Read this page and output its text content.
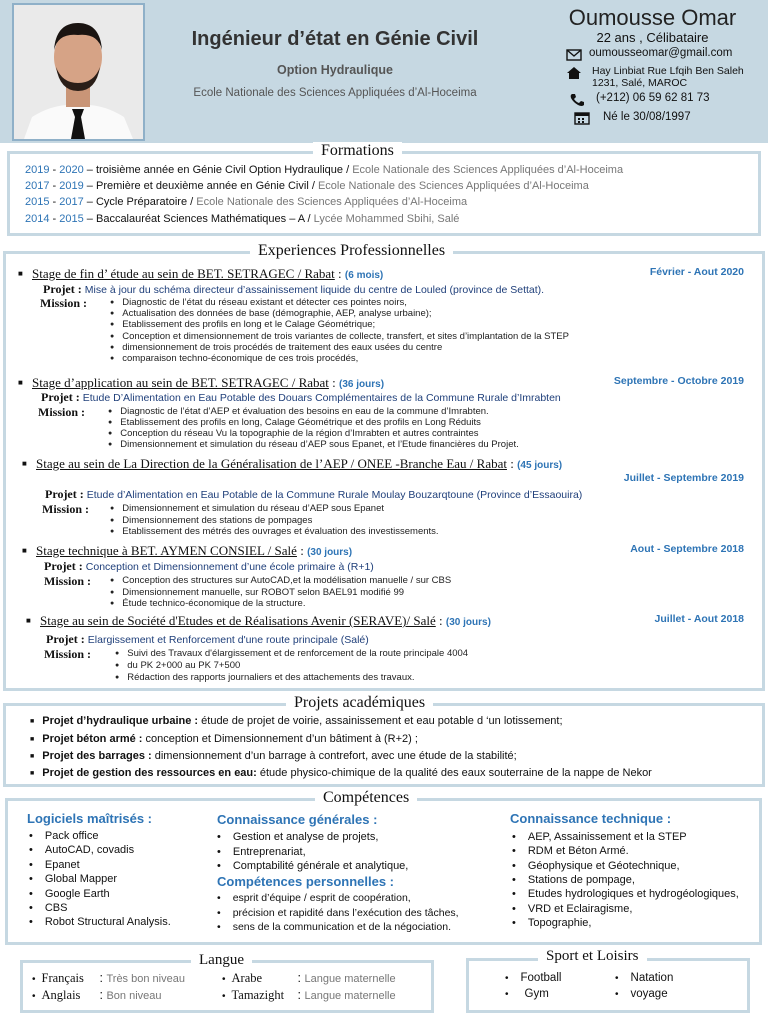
Ingénieur d’état en Génie Civil
Option Hydraulique
Ecole Nationale des Sciences Appliquées d’Al-Hoceima
Oumousse Omar
22 ans , Célibataire
oumousseomar@gmail.com
Hay Linbiat Rue Lfqih Ben Saleh
1231, Salé, MAROC
(+212) 06 59 62 81 73
Né le 30/08/1997
Formations
2019 - 2020 – troisième année en Génie Civil Option Hydraulique / Ecole Nationale des Sciences Appliquées d’Al-Hoceima
2017 - 2019 – Première et deuxième année en Génie Civil / Ecole Nationale des Sciences Appliquées d’Al-Hoceima
2015 - 2017 – Cycle Préparatoire / Ecole Nationale des Sciences Appliquées d’Al-Hoceima
2014 - 2015 – Baccalauréat Sciences Mathématiques – A / Lycée Mohammed Sbihi, Salé
Experiences Professionnelles
■ Stage de fin d’ étude au sein de BET. SETRAGEC / Rabat : (6 mois)	Février - Aout 2020
Projet : Mise à jour du schéma directeur d’assainissement liquide du centre de Louled (province de Settat).
Mission :	● Diagnostic de l’état du réseau existant et détecter ces pointes noirs,
● Actualisation des données de base (démographie, AEP, analyse urbaine);
● Etablissement des profils en long et le Calage Géométrique;
● Conception et dimensionnement de trois variantes de collecte, transfert, et sites d’implantation de la STEP
● dimensionnement de trois procédés de traitement des eaux usées du centre
● comparaison techno-économique de ces trois procédés,
■ Stage d’application au sein de BET. SETRAGEC / Rabat : (36 jours)	Septembre - Octobre 2019
Projet : Etude D’Alimentation en Eau Potable des Douars Complémentaires de la Commune Rurale d’Imrabten
Mission :	● Diagnostic de l’état d’AEP et évaluation des besoins en eau de la commune d’Imrabten.
● Etablissement des profils en long, Calage Géométrique et des profils en Long Réduits
● Conception du réseau Vu la topographie de la région d’Imrabten et autres contraintes
● Dimensionnement et simulation du réseau d’AEP sous Epanet, et l’Etude financières du Projet.
■ Stage au sein de La Direction de la Généralisation de l’AEP / ONEE -Branche Eau / Rabat : (45 jours)
Juillet - Septembre 2019
Projet : Etude d’Alimentation en Eau Potable de la Commune Rurale Moulay Bouzarqtoune (Province d’Essaouira)
Mission :	● Dimensionnement et simulation du réseau d’AEP sous Epanet
● Dimensionnement des stations de pompages
● Etablissement des métrés des ouvrages et évaluation des investissements.
■ Stage technique à BET. AYMEN CONSIEL / Salé : (30 jours)	Aout - Septembre 2018
Projet : Conception et Dimensionnement d’une école primaire à (R+1)
Mission :	● Conception des structures sur AutoCAD,et la modélisation manuelle / sur CBS
● Dimensionnement manuelle, sur ROBOT selon BAEL91 modifié 99
● Étude technico-économique de la structure.
■ Stage au sein de Société d'Etudes et de Réalisations Avenir (SERAVE)/ Salé : (30 jours)	Juillet - Aout 2018
Projet : Elargissement et Renforcement d'une route principale (Salé)
Mission :	● Suivi des Travaux d'élargissement et de renforcement de la route principale 4004
● du PK 2+000 au PK 7+500
● Rédaction des rapports journaliers et des attachements des travaux.
Projets académiques
■ Projet d’hydraulique urbaine : étude de projet de voirie, assainissement et eau potable d ‘un lotissement;
■ Projet béton armé : conception et Dimensionnement d’un bâtiment à (R+2) ;
■ Projet des barrages : dimensionnement d’un barrage à contrefort, avec une étude de la stabilité;
■ Projet de gestion des ressources en eau: étude physico-chimique de la qualité des eaux souterraine de la nappe de Nekor
Compétences
Logiciels maîtrisés :
• Pack office
• AutoCAD, covadis
• Epanet
• Global Mapper
• Google Earth
• CBS
• Robot Structural Analysis.
Connaissance générales :
• Gestion et analyse de projets,
• Entreprenariat,
• Comptabilité générale et analytique,
Compétences personnelles :
• esprit d’équipe / esprit de coopération,
• précision et rapidité dans l’exécution des tâches,
• sens de la communication et de la négociation.
Connaissance technique :
• AEP, Assainissement et la STEP
• RDM et Béton Armé.
• Géophysique et Géotechnique,
• Stations de pompage,
• Etudes hydrologiques et hydrogéologiques,
• VRD et Eclairagisme,
• Topographie,
Langue
• Français : Très bon niveau
• Anglais : Bon niveau
• Arabe	: Langue maternelle
• Tamazight : Langue maternelle
Sport et Loisirs
• Football
• Gym
• Natation
• voyage
